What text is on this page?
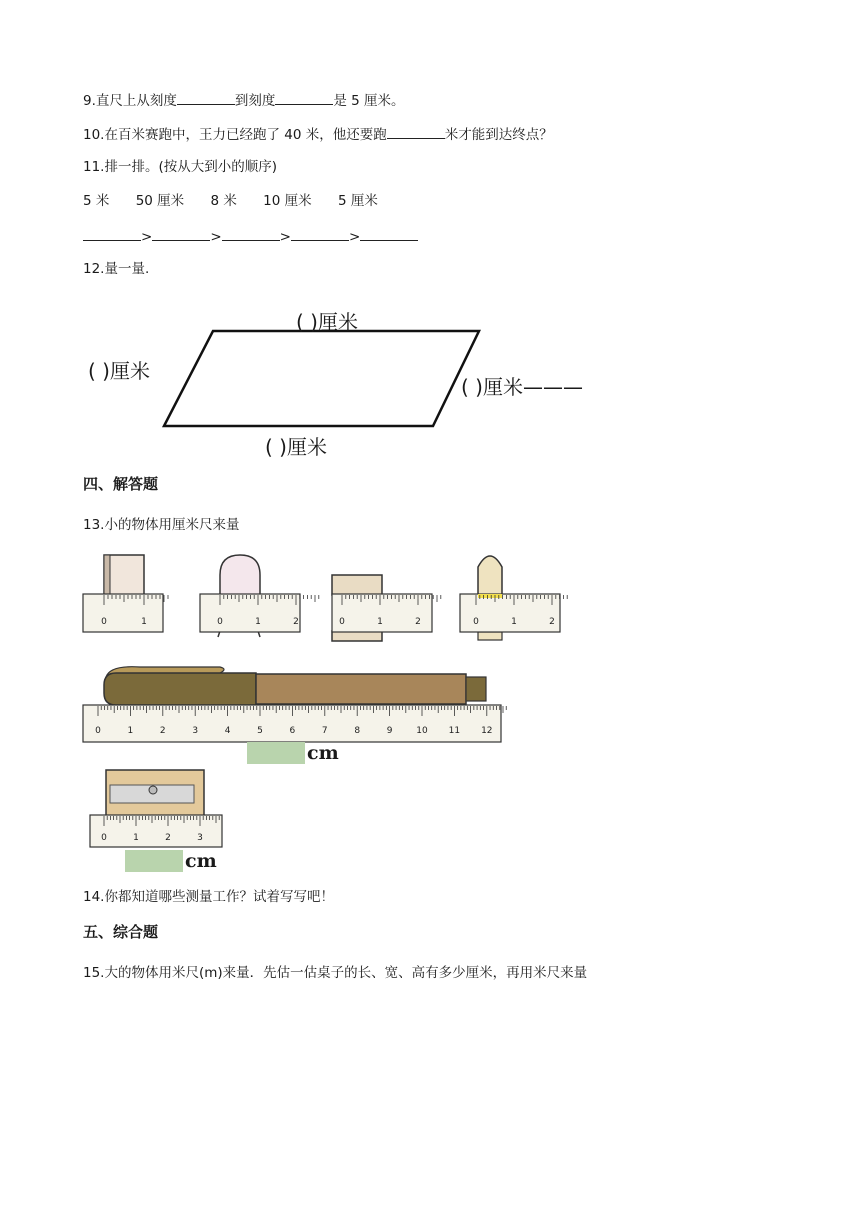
9.直尺上从刻度	到刻度	是 5 厘米。
10.在百米赛跑中，王力已经跑了 40 米，他还要跑	米才能到达终点？
11.排一排。(按从大到小的顺序)
5 米 50 厘米 8 米 10 厘米 5 厘米
>	>	>	>
12.量一量.
( )厘米
( )厘米
( )厘米———
( )厘米
四、解答题
13.小的物体用厘米尺来量
0	1	0	1	2	0	1	2	0	1	2
0	1	2	3	4	5	6	7	8	9	10 11 12
cm
0	1	2	3
cm
14.你都知道哪些测量工作？试着写写吧！
五、综合题
15.大的物体用米尺(m)来量．先估一估桌子的长、宽、高有多少厘米，再用米尺来量
